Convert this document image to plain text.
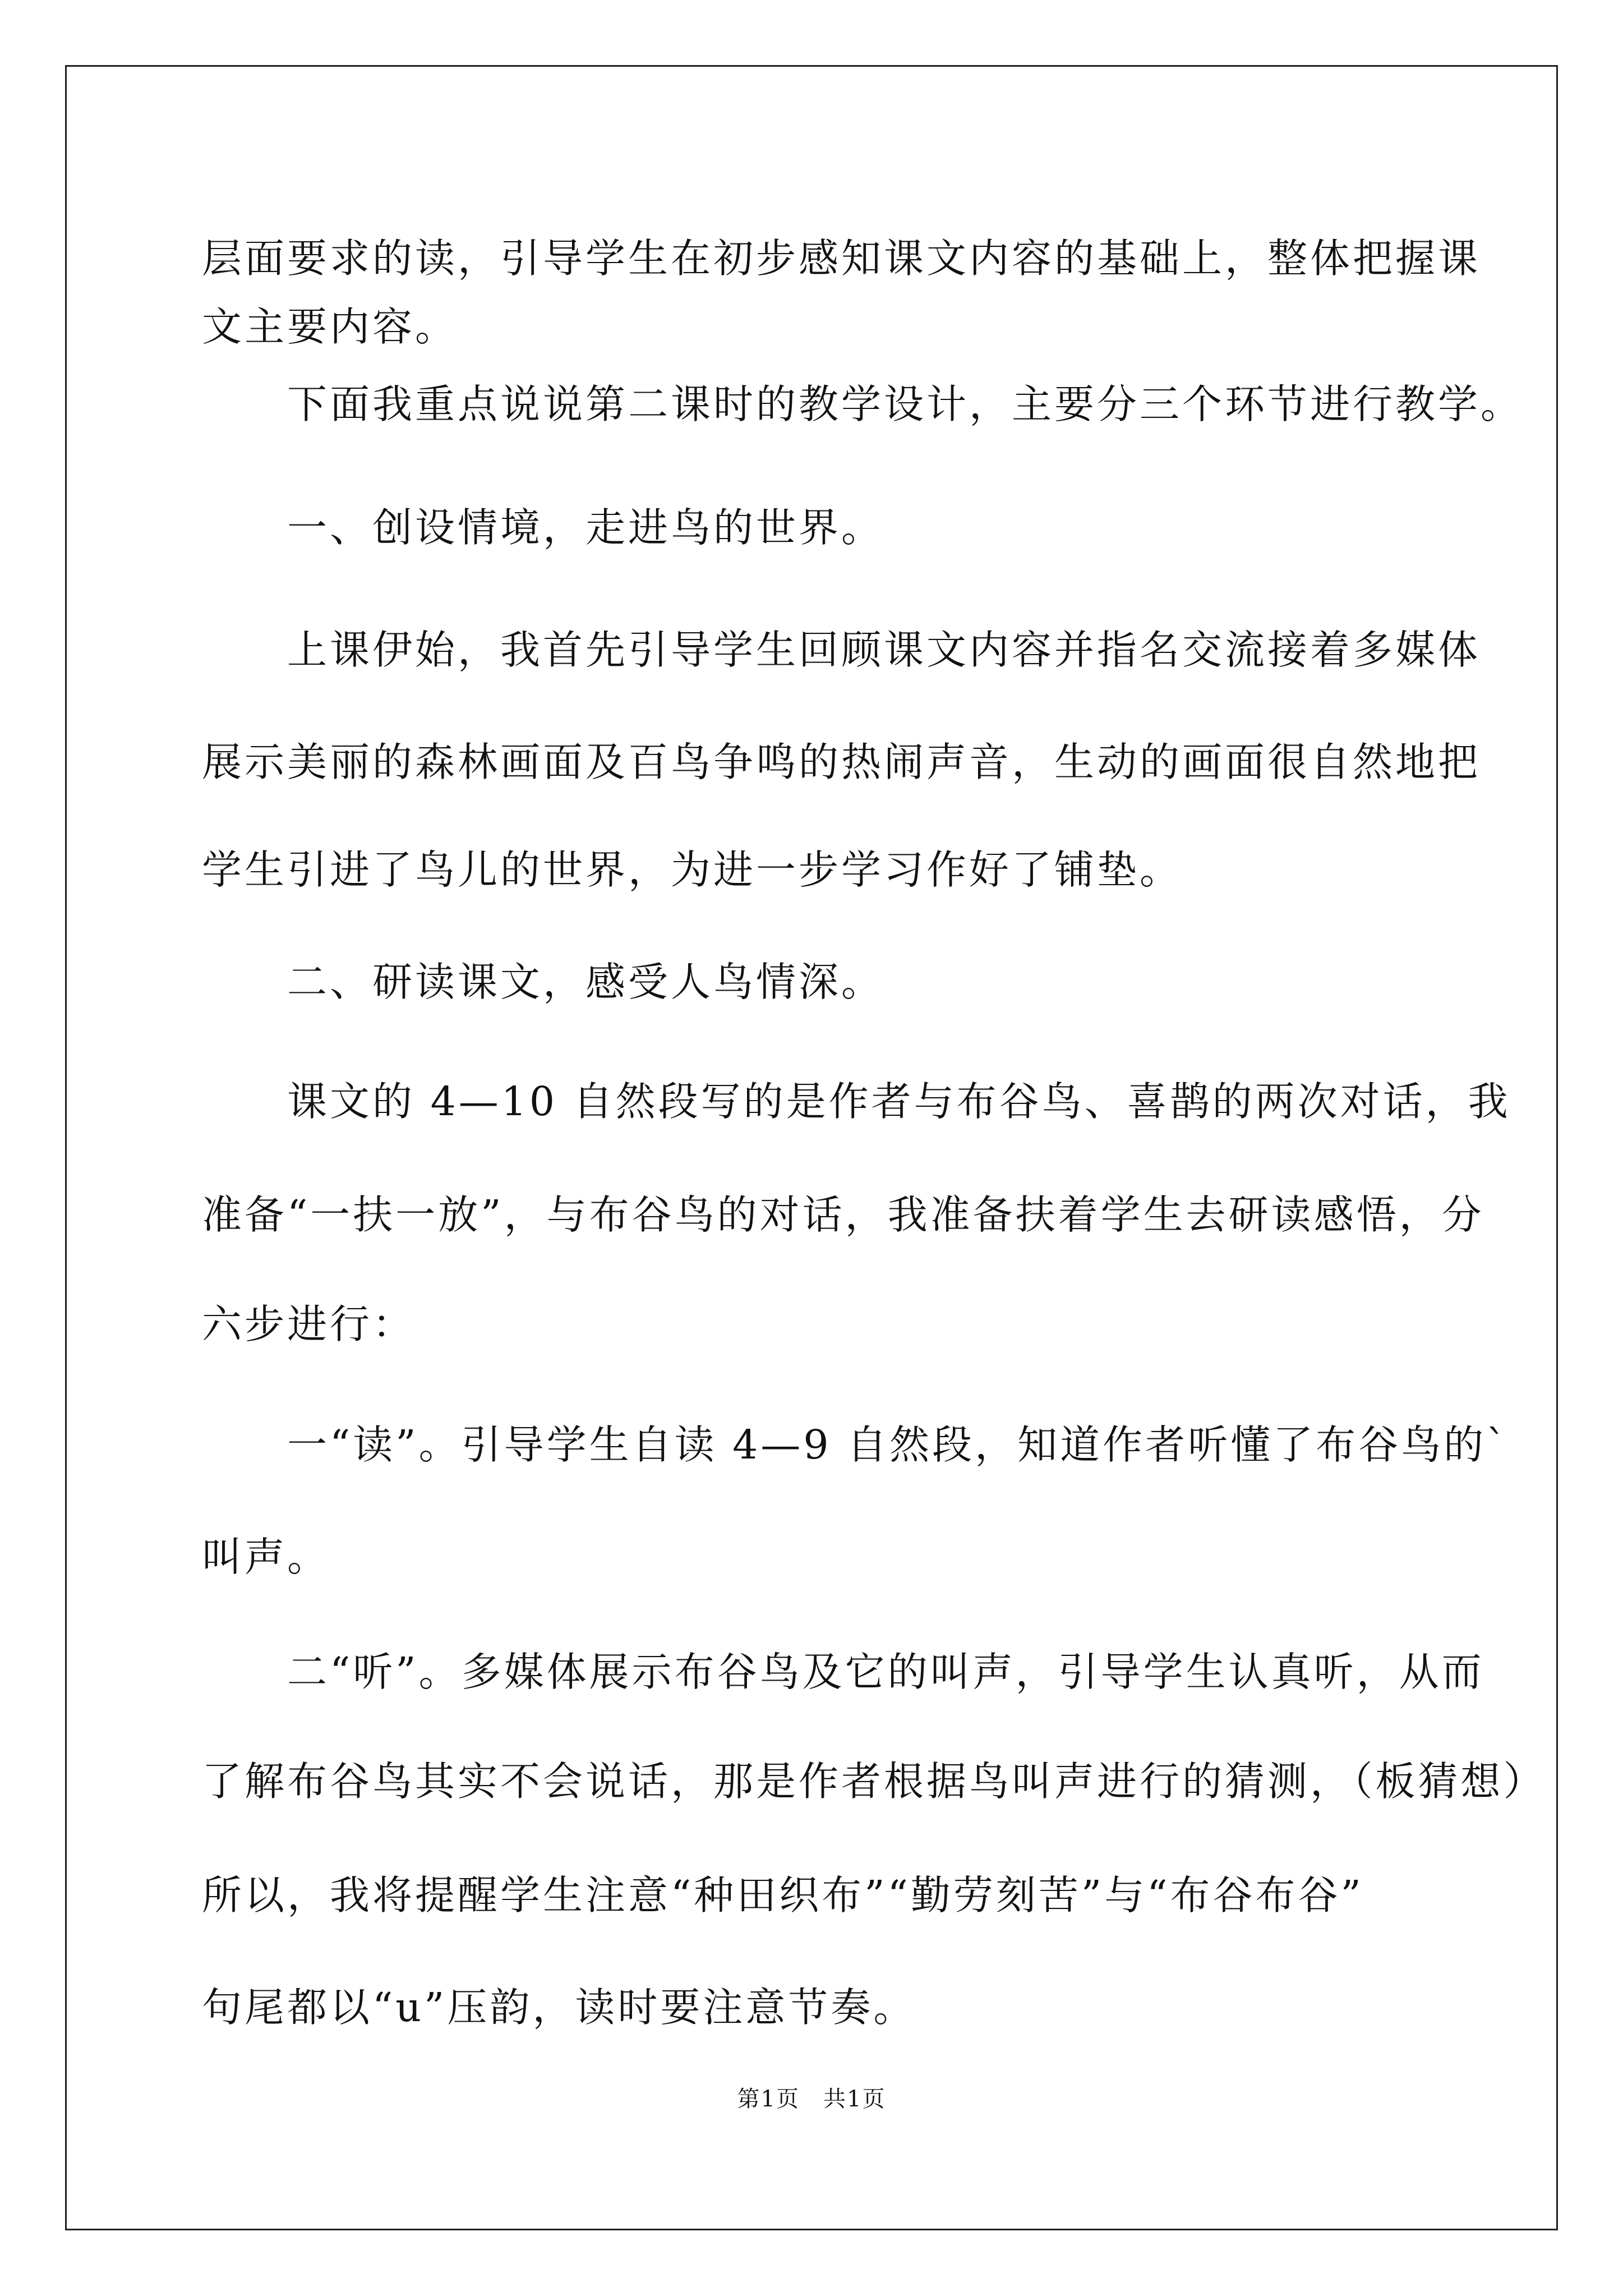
层面要求的读，引导学生在初步感知课文内容的基础上，整体把握课

文主要内容。

　　下面我重点说说第二课时的教学设计，主要分三个环节进行教学。

　　一、创设情境，走进鸟的世界。

　　上课伊始，我首先引导学生回顾课文内容并指名交流接着多媒体

展示美丽的森林画面及百鸟争鸣的热闹声音，生动的画面很自然地把

学生引进了鸟儿的世界，为进一步学习作好了铺垫。

　　二、研读课文，感受人鸟情深。

　　课文的 4—10 自然段写的是作者与布谷鸟、喜鹊的两次对话，我

准备“一扶一放”，与布谷鸟的对话，我准备扶着学生去研读感悟，分

六步进行：

　　一“读”。引导学生自读 4—9 自然段，知道作者听懂了布谷鸟的`

叫声。

　　二“听”。多媒体展示布谷鸟及它的叫声，引导学生认真听，从而

了解布谷鸟其实不会说话，那是作者根据鸟叫声进行的猜测，（板猜想）

所以，我将提醒学生注意“种田织布”“勤劳刻苦”与“布谷布谷”

句尾都以“u”压韵，读时要注意节奏。

第1页　共1页
